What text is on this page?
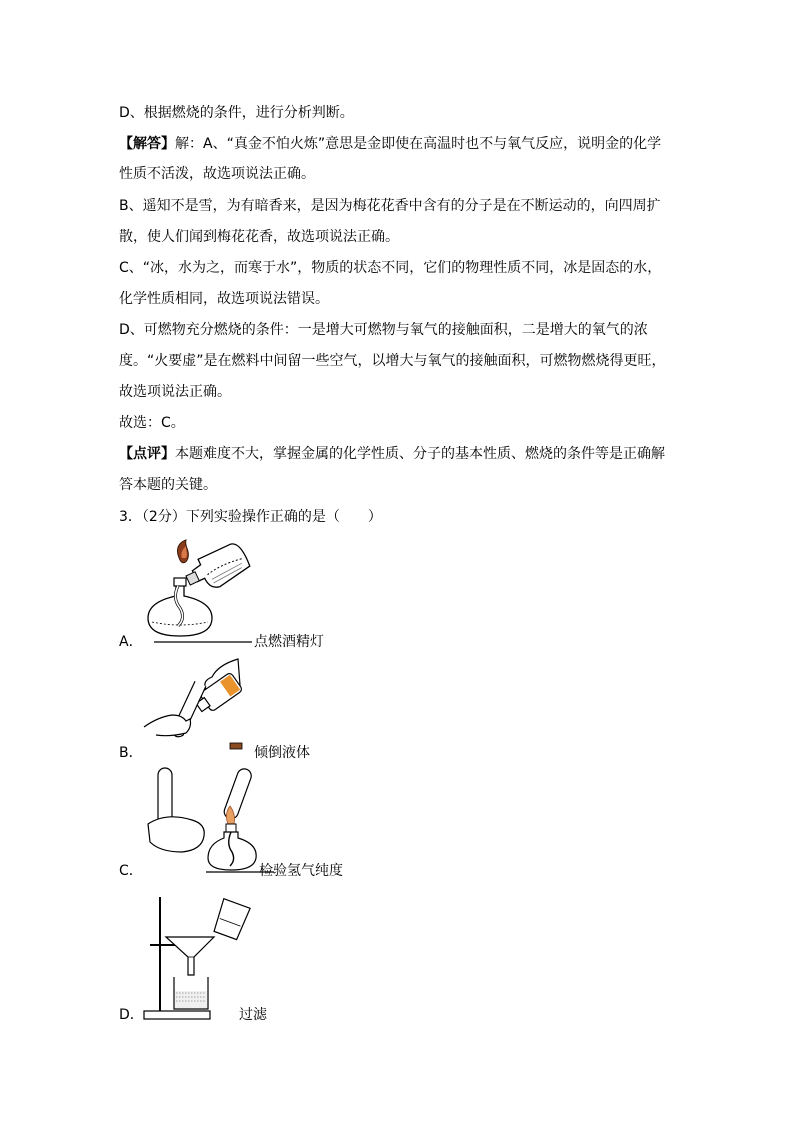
D、根据燃烧的条件，进行分析判断。
【解答】解：A、“真金不怕火炼”意思是金即使在高温时也不与氧气反应，说明金的化学
性质不活泼，故选项说法正确。
B、遥知不是雪，为有暗香来，是因为梅花花香中含有的分子是在不断运动的，向四周扩
散，使人们闻到梅花花香，故选项说法正确。
C、“冰，水为之，而寒于水”，物质的状态不同，它们的物理性质不同，冰是固态的水，
化学性质相同，故选项说法错误。
D、可燃物充分燃烧的条件：一是增大可燃物与氧气的接触面积，二是增大的氧气的浓
度。“火要虚”是在燃料中间留一些空气，以增大与氧气的接触面积，可燃物燃烧得更旺，
故选项说法正确。
故选：C。
【点评】本题难度不大，掌握金属的化学性质、分子的基本性质、燃烧的条件等是正确解
答本题的关键。
3．（2分）下列实验操作正确的是（　　）
A．	点燃酒精灯
B．	倾倒液体
C．	检验氢气纯度
D．	过滤
